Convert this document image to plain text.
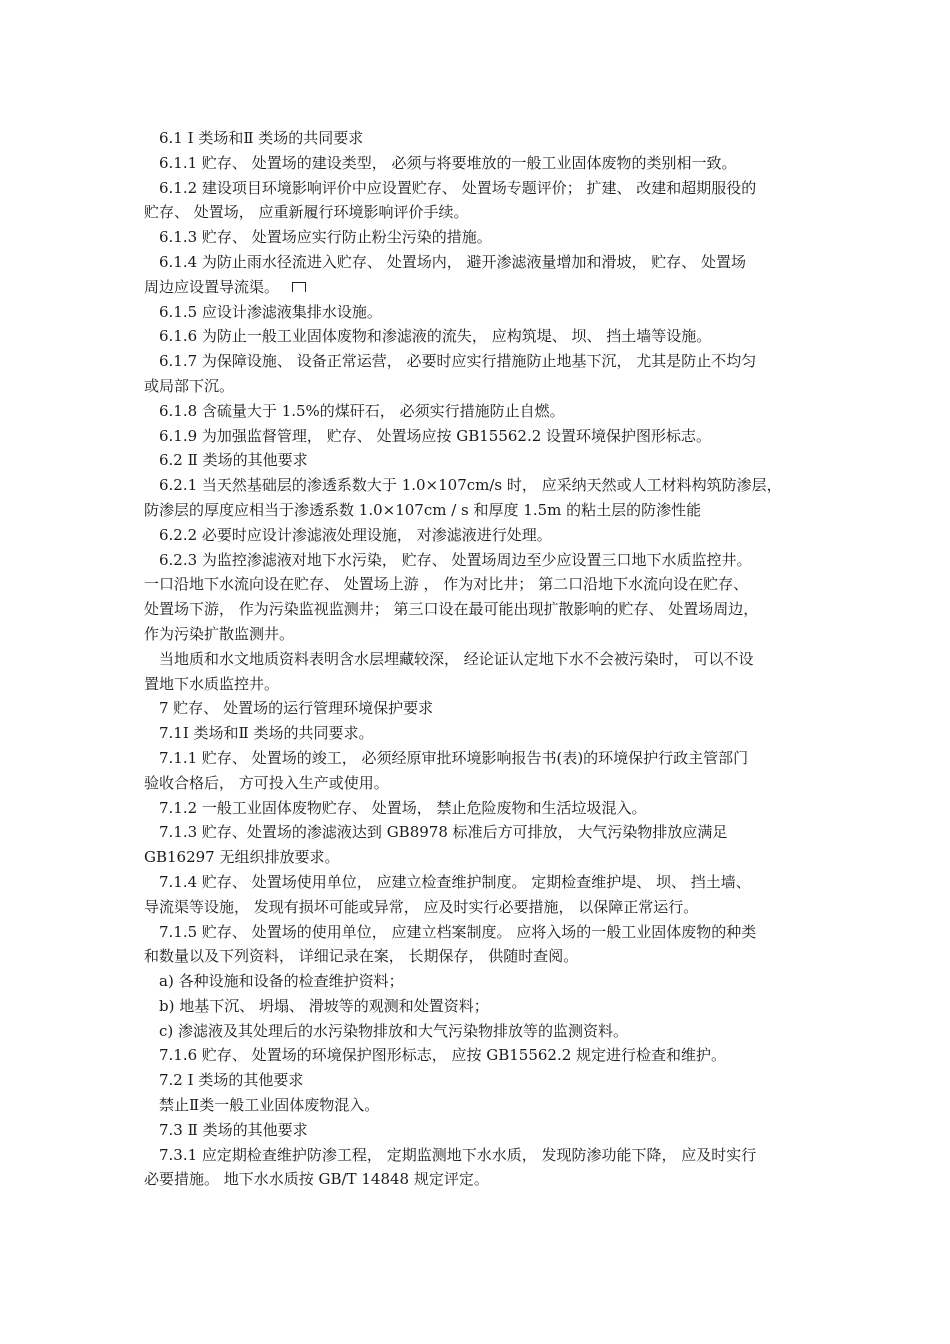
6.1 Ⅰ 类场和Ⅱ 类场的共同要求

6.1.1 贮存、 处置场的建设类型， 必须与将要堆放的一般工业固体废物的类别相一致。

6.1.2 建设项目环境影响评价中应设置贮存、 处置场专题评价； 扩建、 改建和超期服役的

贮存、 处置场， 应重新履行环境影响评价手续。

6.1.3 贮存、 处置场应实行防止粉尘污染的措施。

6.1.4 为防止雨水径流进入贮存、 处置场内， 避开渗滤液量增加和滑坡， 贮存、 处置场

周边应设置导流渠。

6.1.5 应设计渗滤液集排水设施。

6.1.6 为防止一般工业固体废物和渗滤液的流失， 应构筑堤、 坝、 挡土墙等设施。

6.1.7 为保障设施、 设备正常运营， 必要时应实行措施防止地基下沉， 尤其是防止不均匀

或局部下沉。

6.1.8 含硫量大于 1.5%的煤矸石， 必须实行措施防止自燃。

6.1.9 为加强监督管理， 贮存、 处置场应按 GB15562.2 设置环境保护图形标志。

6.2 Ⅱ 类场的其他要求

6.2.1 当天然基础层的渗透系数大于 1.0×107cm/s 时， 应采纳天然或人工材料构筑防渗层，

防渗层的厚度应相当于渗透系数 1.0×107cm / s 和厚度 1.5m 的粘土层的防渗性能

6.2.2 必要时应设计渗滤液处理设施， 对渗滤液进行处理。

6.2.3 为监控渗滤液对地下水污染， 贮存、 处置场周边至少应设置三口地下水质监控井。

一口沿地下水流向设在贮存、 处置场上游 ， 作为对比井； 第二口沿地下水流向设在贮存、

处置场下游， 作为污染监视监测井； 第三口设在最可能出现扩散影响的贮存、 处置场周边，

作为污染扩散监测井。

当地质和水文地质资料表明含水层埋藏较深， 经论证认定地下水不会被污染时， 可以不设

置地下水质监控井。

7 贮存、 处置场的运行管理环境保护要求

7.1Ⅰ 类场和Ⅱ 类场的共同要求。

7.1.1 贮存、 处置场的竣工， 必须经原审批环境影响报告书(表)的环境保护行政主管部门

验收合格后， 方可投入生产或使用。

7.1.2 一般工业固体废物贮存、 处置场， 禁止危险废物和生活垃圾混入。

7.1.3 贮存、处置场的渗滤液达到 GB8978 标准后方可排放， 大气污染物排放应满足

GB16297 无组织排放要求。

7.1.4 贮存、 处置场使用单位， 应建立检查维护制度。 定期检查维护堤、 坝、 挡土墙、

导流渠等设施， 发现有损坏可能或异常， 应及时实行必要措施， 以保障正常运行。

7.1.5 贮存、 处置场的使用单位， 应建立档案制度。 应将入场的一般工业固体废物的种类

和数量以及下列资料， 详细记录在案， 长期保存， 供随时查阅。

a) 各种设施和设备的检查维护资料；

b) 地基下沉、 坍塌、 滑坡等的观测和处置资料；

c) 渗滤液及其处理后的水污染物排放和大气污染物排放等的监测资料。

7.1.6 贮存、 处置场的环境保护图形标志， 应按 GB15562.2 规定进行检查和维护。

7.2 Ⅰ 类场的其他要求

禁止Ⅱ类一般工业固体废物混入。

7.3 Ⅱ 类场的其他要求

7.3.1 应定期检查维护防渗工程， 定期监测地下水水质， 发现防渗功能下降， 应及时实行

必要措施。 地下水水质按 GB/T 14848 规定评定。
